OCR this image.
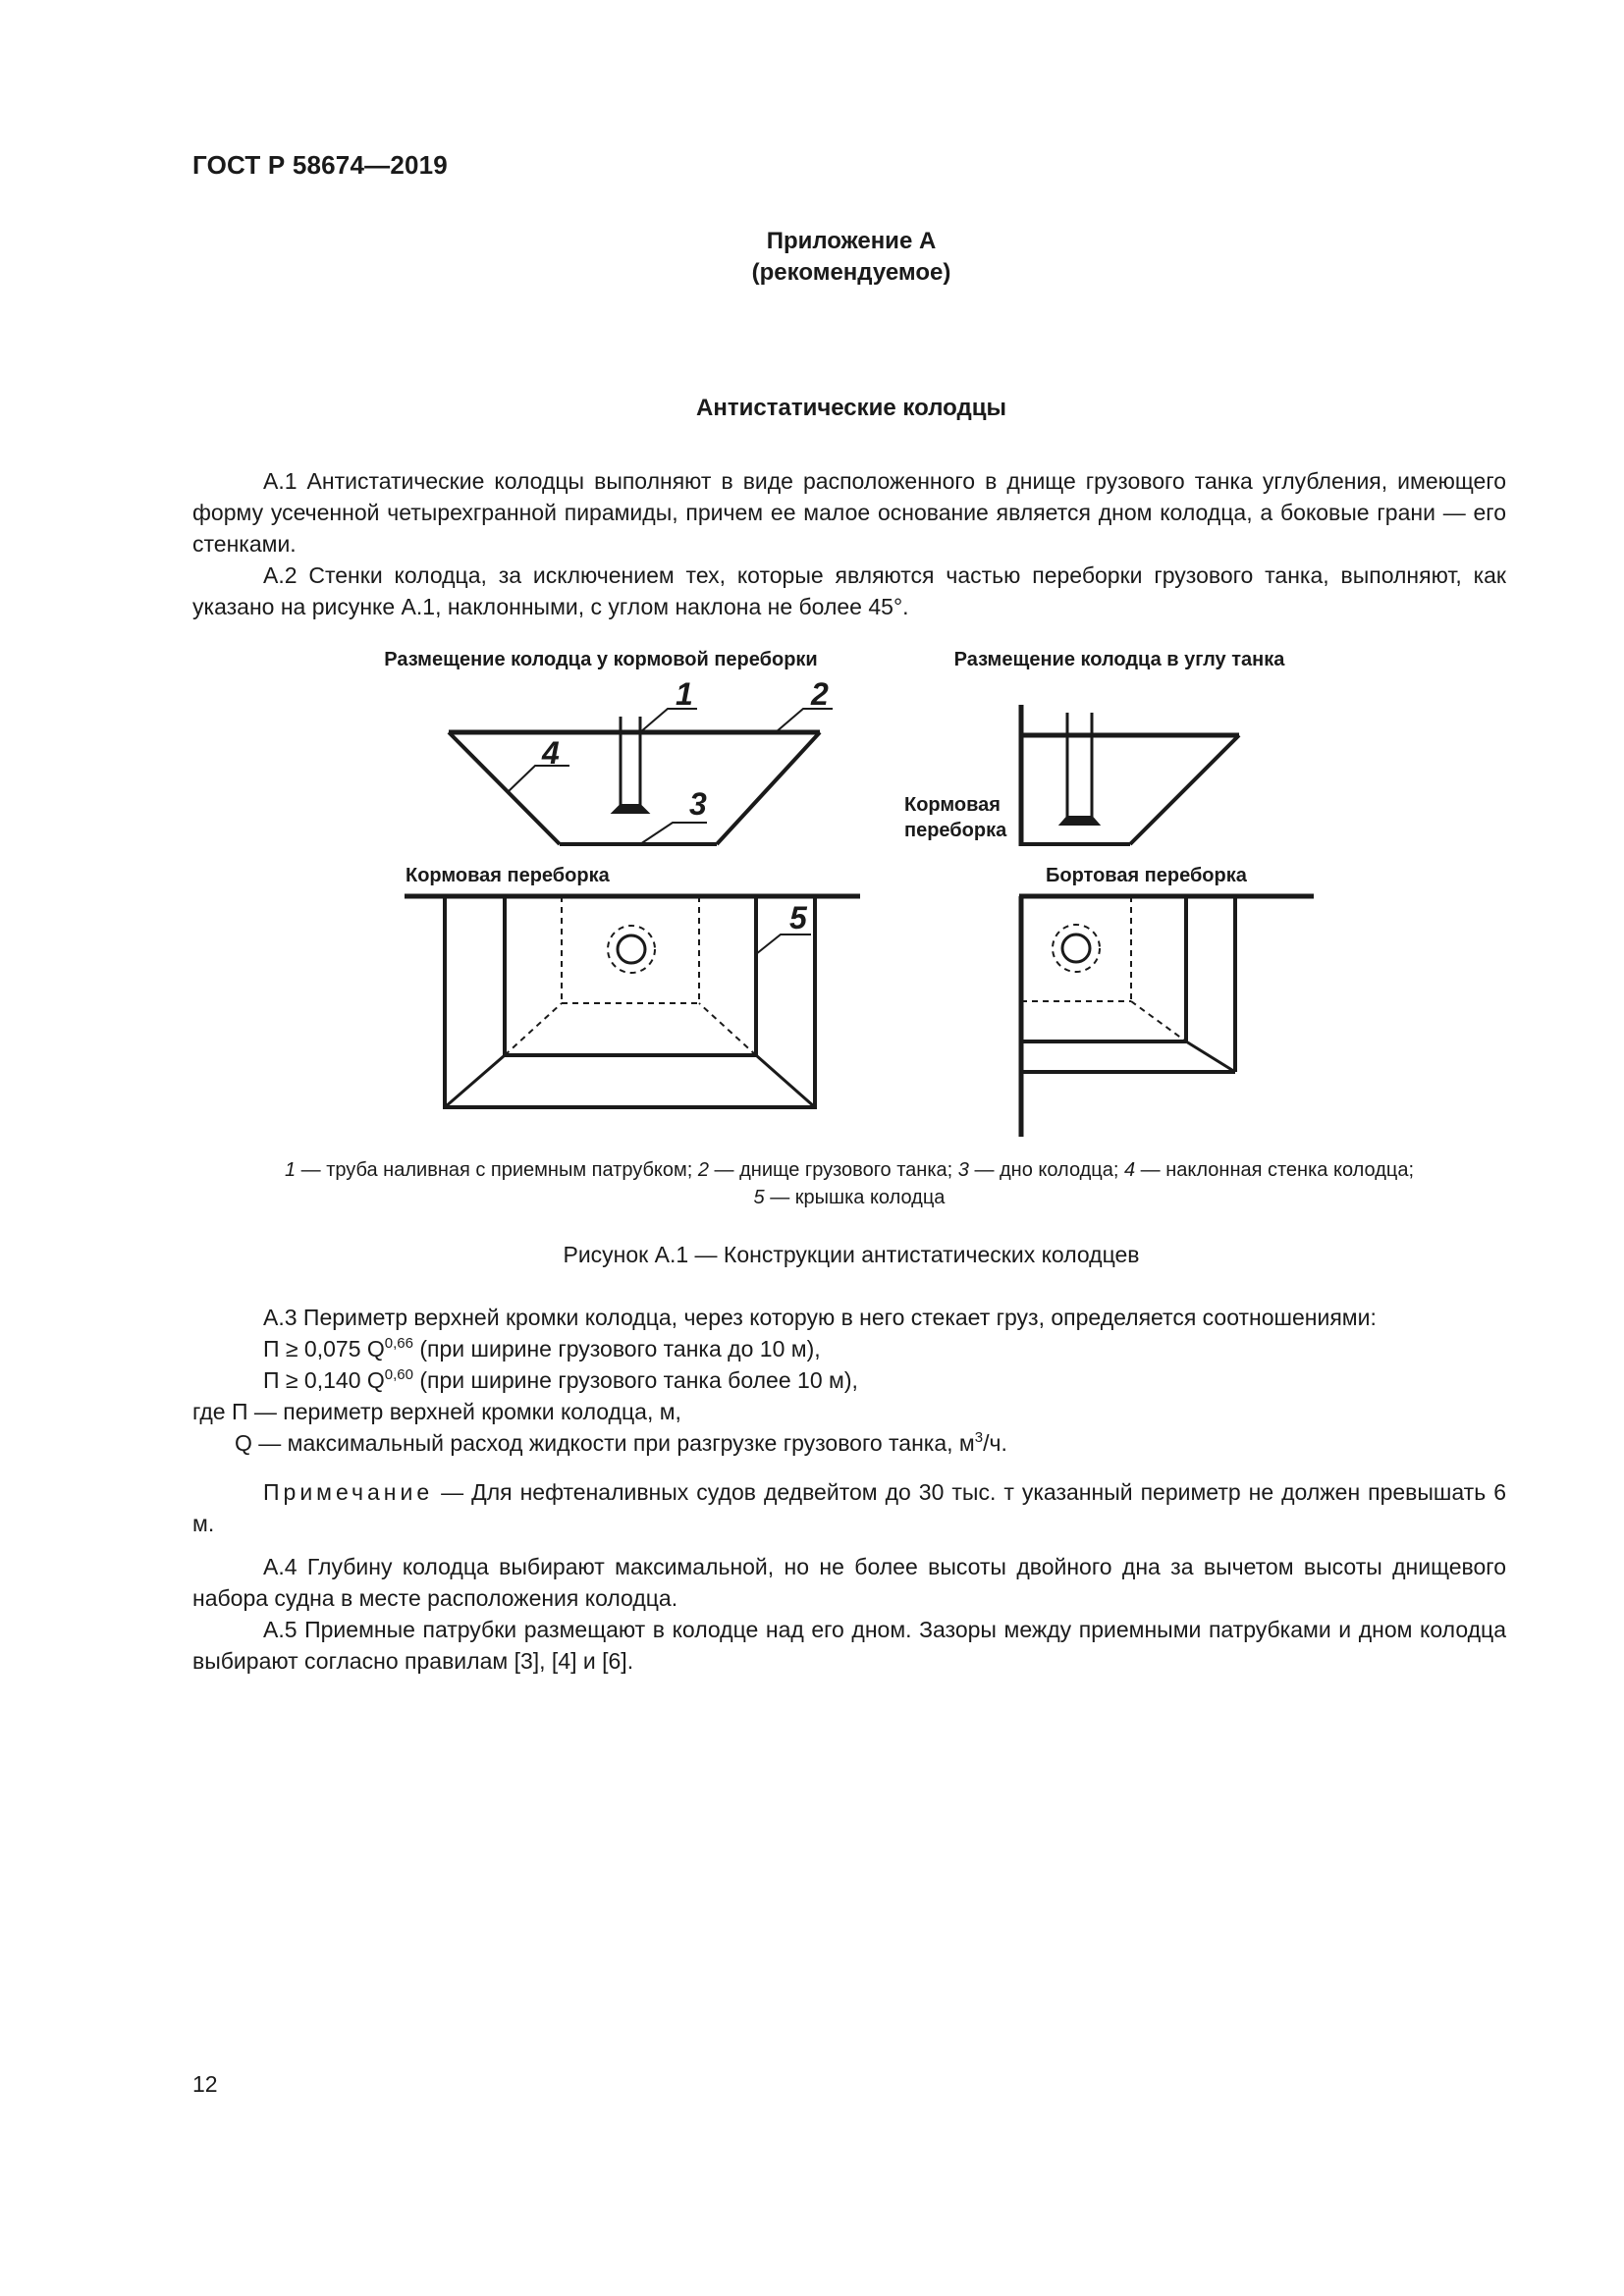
ГОСТ Р 58674—2019
Приложение А
(рекомендуемое)
Антистатические колодцы
А.1 Антистатические колодцы выполняют в виде расположенного в днище грузового танка углубления, имеющего форму усеченной четырехгранной пирамиды, причем ее малое основание является дном колодца, а боковые грани — его стенками.
А.2 Стенки колодца, за исключением тех, которые являются частью переборки грузового танка, выполняют, как указано на рисунке А.1, наклонными, с углом наклона не более 45°.
Размещение колодца у кормовой переборки	Размещение колодца в углу танка
Кормовая переборка	Бортовая переборка
Кормовая
переборка
1	2
3
4
5
1 — труба наливная с приемным патрубком; 2 — днище грузового танка; 3 — дно колодца; 4 — наклонная стенка колодца;
5 — крышка колодца
Рисунок А.1 — Конструкции антистатических колодцев
А.3 Периметр верхней кромки колодца, через которую в него стекает груз, определяется соотношениями:
П ≥ 0,075 Q$^{0,66}$ (при ширине грузового танка до 10 м),
П ≥ 0,140 Q$^{0,60}$ (при ширине грузового танка более 10 м),
где П — периметр верхней кромки колодца, м,
Q — максимальный расход жидкости при разгрузке грузового танка, $м^3/ч$.
Примечание — Для нефтеналивных судов дедвейтом до 30 тыс. т указанный периметр не должен превышать 6 м.
А.4 Глубину колодца выбирают максимальной, но не более высоты двойного дна за вычетом высоты днищевого набора судна в месте расположения колодца.
А.5 Приемные патрубки размещают в колодце над его дном. Зазоры между приемными патрубками и дном колодца выбирают согласно правилам [3], [4] и [6].
12
